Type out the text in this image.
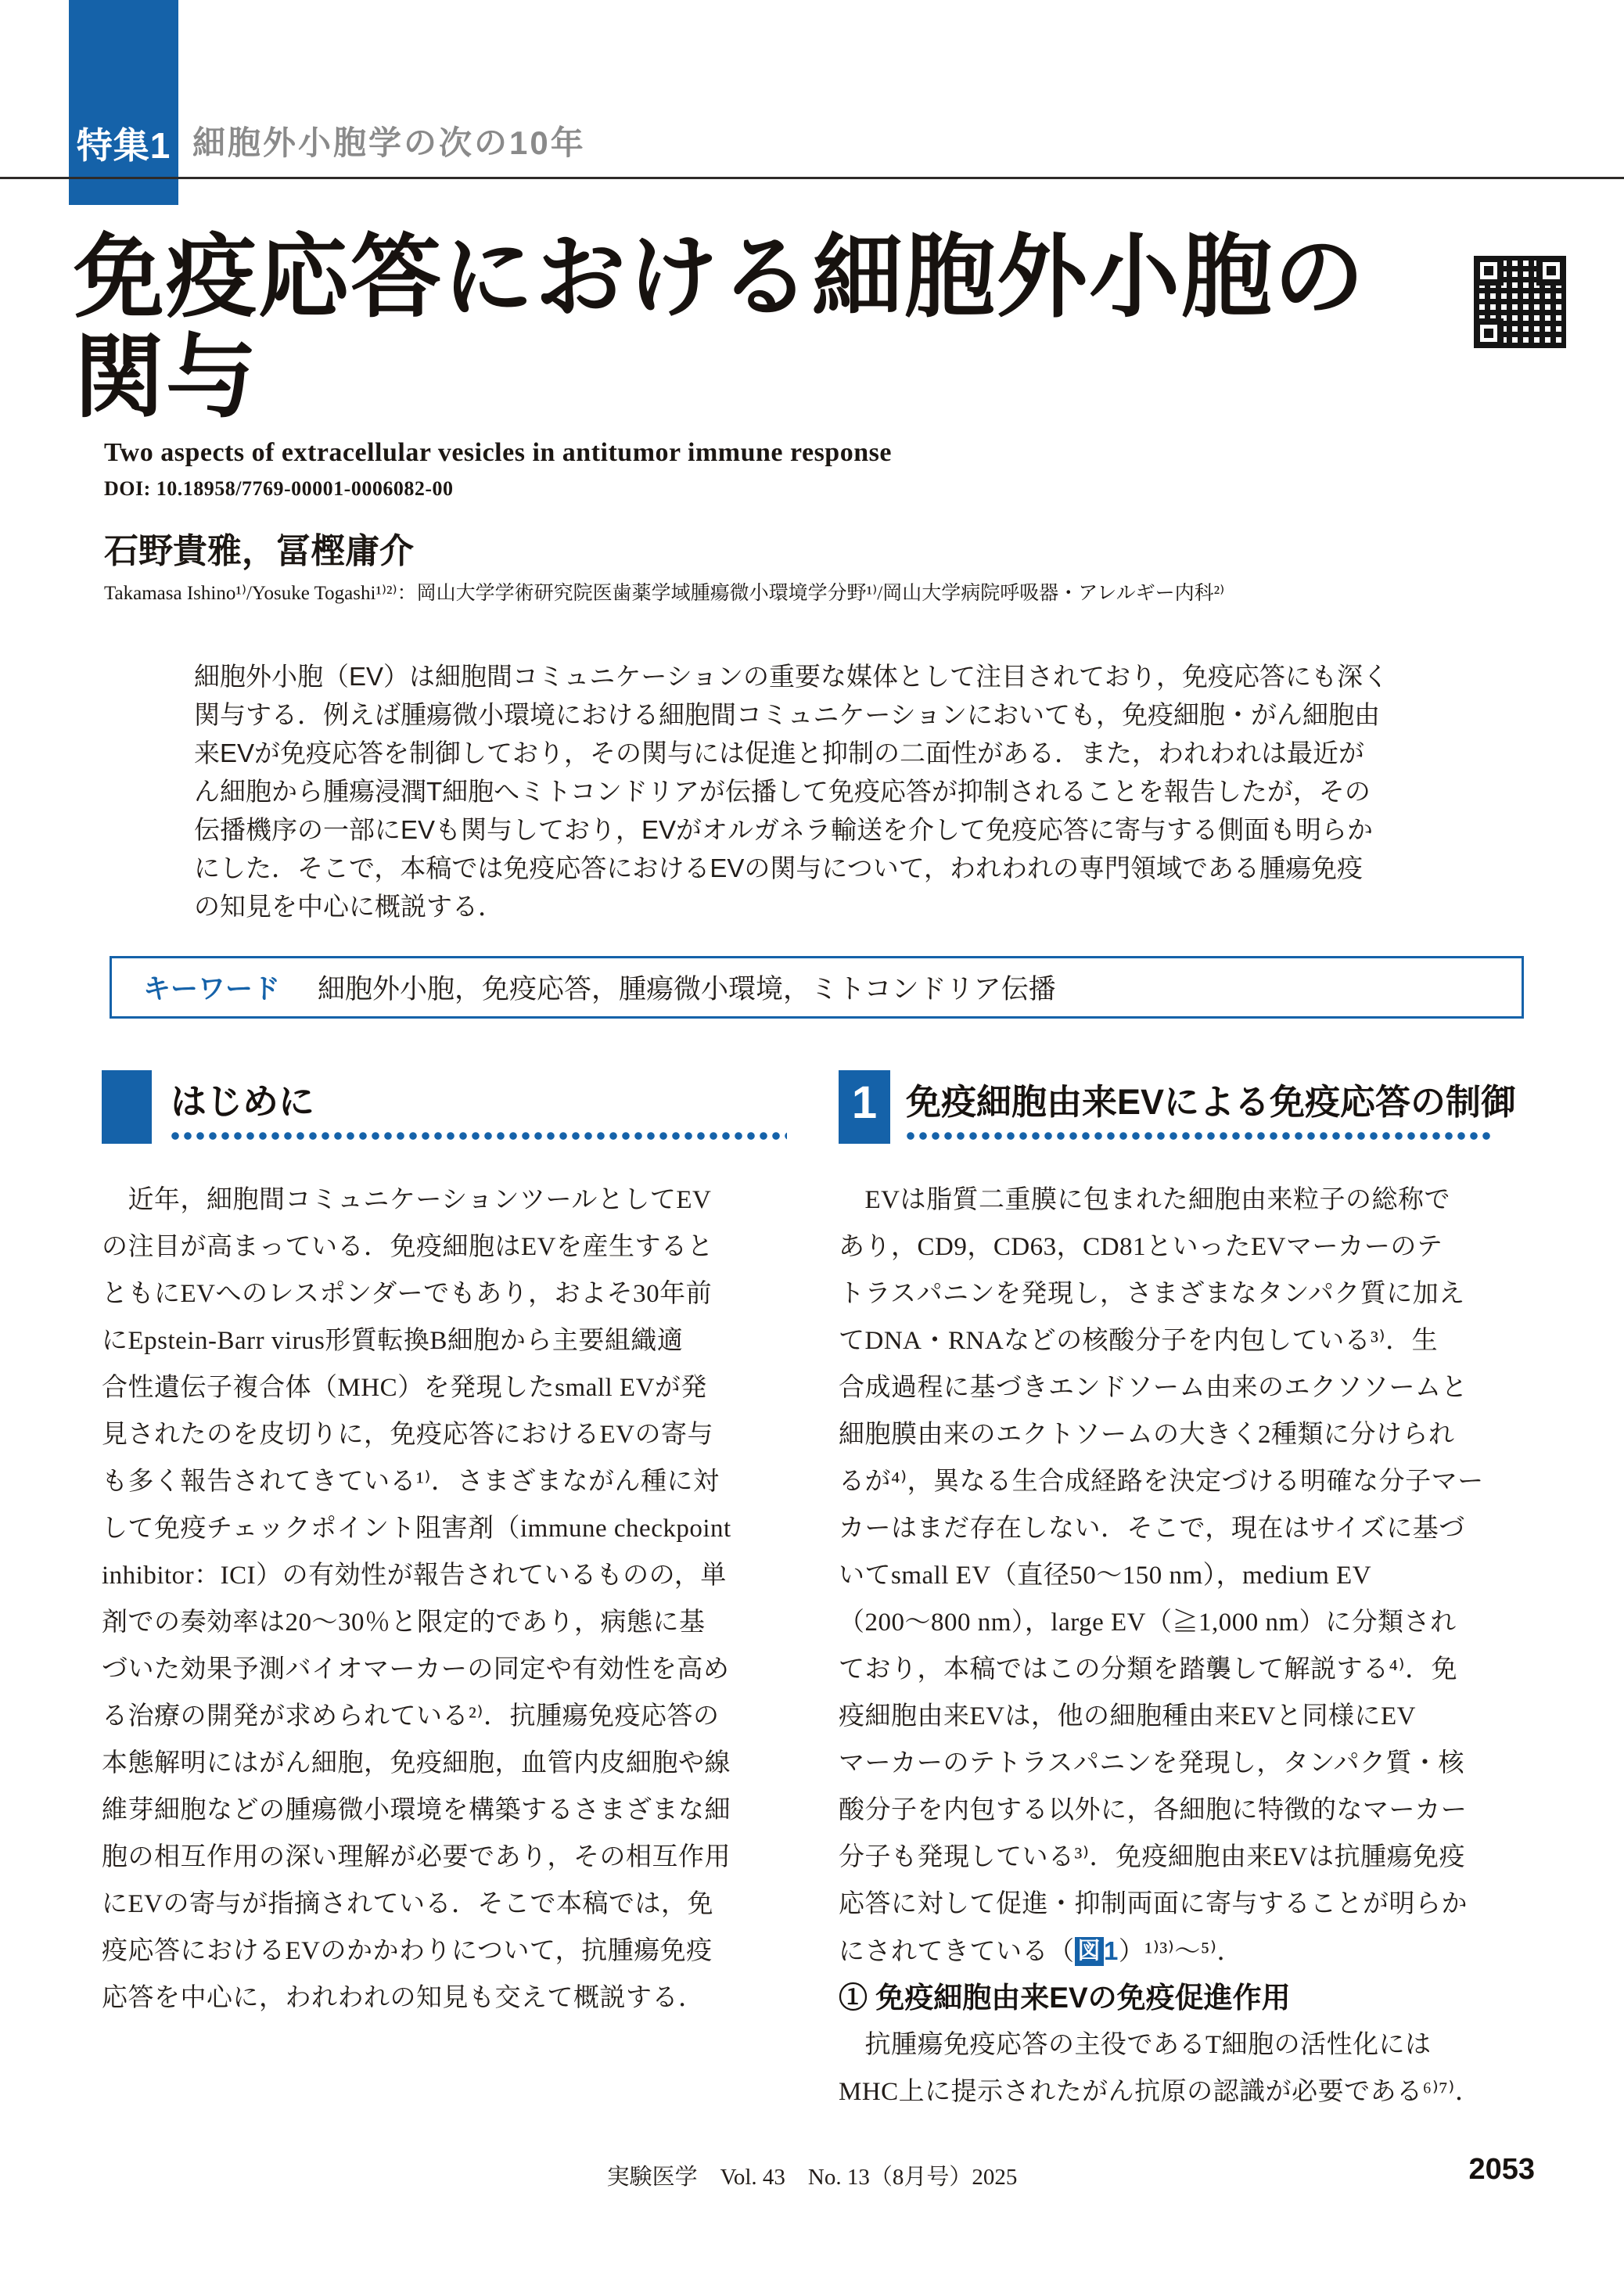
特集1 細胞外小胞学の次の10年
免疫応答における細胞外小胞の
関与
Two aspects of extracellular vesicles in antitumor immune response
DOI: 10.18958/7769-00001-0006082-00
石野貴雅，冨樫庸介
Takamasa Ishino¹⁾/Yosuke Togashi¹⁾²⁾：岡山大学学術研究院医歯薬学域腫瘍微小環境学分野¹⁾/岡山大学病院呼吸器・アレルギー内科²⁾
細胞外小胞（EV）は細胞間コミュニケーションの重要な媒体として注目されており，免疫応答にも深く
関与する．例えば腫瘍微小環境における細胞間コミュニケーションにおいても，免疫細胞・がん細胞由
来EVが免疫応答を制御しており，その関与には促進と抑制の二面性がある．また，われわれは最近が
ん細胞から腫瘍浸潤T細胞へミトコンドリアが伝播して免疫応答が抑制されることを報告したが，その
伝播機序の一部にEVも関与しており，EVがオルガネラ輸送を介して免疫応答に寄与する側面も明らか
にした．そこで，本稿では免疫応答におけるEVの関与について，われわれの専門領域である腫瘍免疫
の知見を中心に概説する．
キーワード 細胞外小胞，免疫応答，腫瘍微小環境，ミトコンドリア伝播
はじめに	1 免疫細胞由来EVによる免疫応答の制御
　近年，細胞間コミュニケーションツールとしてEV
の注目が高まっている．免疫細胞はEVを産生すると
ともにEVへのレスポンダーでもあり，およそ30年前
にEpstein-Barr virus形質転換B細胞から主要組織適
合性遺伝子複合体（MHC）を発現したsmall EVが発
見されたのを皮切りに，免疫応答におけるEVの寄与
も多く報告されてきている¹⁾．さまざまながん種に対
して免疫チェックポイント阻害剤（immune checkpoint
inhibitor：ICI）の有効性が報告されているものの，単
剤での奏効率は20～30％と限定的であり，病態に基
づいた効果予測バイオマーカーの同定や有効性を高め
る治療の開発が求められている²⁾．抗腫瘍免疫応答の
本態解明にはがん細胞，免疫細胞，血管内皮細胞や線
維芽細胞などの腫瘍微小環境を構築するさまざまな細
胞の相互作用の深い理解が必要であり，その相互作用
にEVの寄与が指摘されている．そこで本稿では，免
疫応答におけるEVのかかわりについて，抗腫瘍免疫
応答を中心に，われわれの知見も交えて概説する．
　EVは脂質二重膜に包まれた細胞由来粒子の総称で
あり，CD9，CD63，CD81といったEVマーカーのテ
トラスパニンを発現し，さまざまなタンパク質に加え
てDNA・RNAなどの核酸分子を内包している³⁾．生
合成過程に基づきエンドソーム由来のエクソソームと
細胞膜由来のエクトソームの大きく2種類に分けられ
るが⁴⁾，異なる生合成経路を決定づける明確な分子マー
カーはまだ存在しない．そこで，現在はサイズに基づ
いてsmall EV（直径50～150 nm），medium EV
（200～800 nm），large EV（≧1,000 nm）に分類され
ており，本稿ではこの分類を踏襲して解説する⁴⁾．免
疫細胞由来EVは，他の細胞種由来EVと同様にEV
マーカーのテトラスパニンを発現し，タンパク質・核
酸分子を内包する以外に，各細胞に特徴的なマーカー
分子も発現している³⁾．免疫細胞由来EVは抗腫瘍免疫
応答に対して促進・抑制両面に寄与することが明らか
にされてきている（ 図 1）¹⁾³⁾～⁵⁾．
① 免疫細胞由来EVの免疫促進作用
　抗腫瘍免疫応答の主役であるT細胞の活性化には
MHC上に提示されたがん抗原の認識が必要である⁶⁾⁷⁾．
実験医学　Vol. 43　No. 13（8月号）2025	2053
